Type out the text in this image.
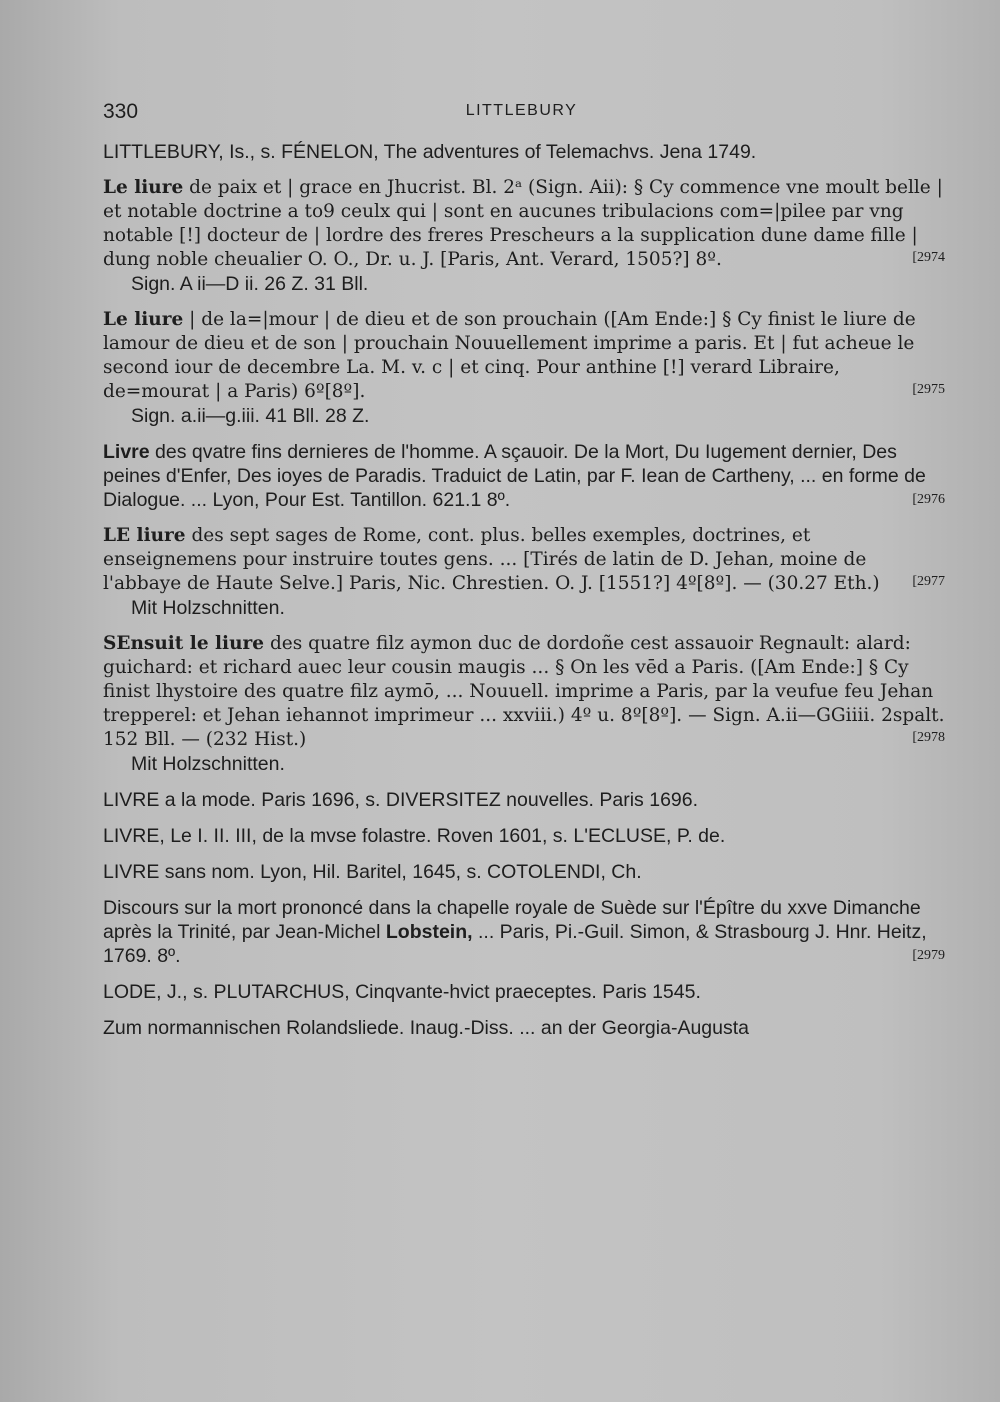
330	LITTLEBURY

LITTLEBURY, Is., s. FÉNELON, The adventures of Telemachvs. Jena 1749.

Le liure de paix et | grace en Jhucrist. Bl. 2ᵃ (Sign. Aii): § Cy commence vne moult belle | et notable doctrine a to9 ceulx qui | sont en aucunes tribulacions com=|pilee par vng notable [!] docteur de | lordre des freres Prescheurs a la supplication dune dame fille | dung noble cheualier O. O., Dr. u. J. [Paris, Ant. Verard, 1505?] 8º.

Sign. A ii—D ii. 26 Z. 31 Bll.

[2974

Le liure | de la=|mour | de dieu et de son prouchain ([Am Ende:] § Cy finist le liure de lamour de dieu et de son | prouchain Nouuellement imprime a paris. Et | fut acheue le second iour de decembre La. M. v. c | et cinq. Pour anthine [!] verard Libraire, de=mourat | a Paris) 6º[8º].

Sign. a.ii—g.iii. 41 Bll. 28 Z.

[2975

Livre des qvatre fins dernieres de l'homme. A sçauoir. De la Mort, Du Iugement dernier, Des peines d'Enfer, Des ioyes de Paradis. Traduict de Latin, par F. Iean de Cartheny, ... en forme de Dialogue. ... Lyon, Pour Est. Tantillon. 621.1 8º.	[2976

LE liure des sept sages de Rome, cont. plus. belles exemples, doctrines, et enseignemens pour instruire toutes gens. ... [Tirés de latin de D. Jehan, moine de l'abbaye de Haute Selve.] Paris, Nic. Chrestien. O. J. [1551?] 4º[8º]. — (30.27 Eth.)

Mit Holzschnitten.

[2977

SEnsuit le liure des quatre filz aymon duc de dordoñe cest assauoir Regnault: alard: guichard: et richard auec leur cousin maugis ... § On les vēd a Paris. ([Am Ende:] § Cy finist lhystoire des quatre filz aymō, ... Nouuell. imprime a Paris, par la veufue feu Jehan trepperel: et Jehan iehannot imprimeur ... xxviii.) 4º u. 8º[8º]. — Sign. A.ii—GGiiii. 2spalt. 152 Bll. — (232 Hist.)

Mit Holzschnitten.

[2978

LIVRE a la mode. Paris 1696, s. DIVERSITEZ nouvelles. Paris 1696.

LIVRE, Le I. II. III, de la mvse folastre. Roven 1601, s. L'ECLUSE, P. de.

LIVRE sans nom. Lyon, Hil. Baritel, 1645, s. COTOLENDI, Ch.

Discours sur la mort prononcé dans la chapelle royale de Suède sur l'Épître du xxve Dimanche après la Trinité, par Jean-Michel Lobstein, ... Paris, Pi.-Guil. Simon, & Strasbourg J. Hnr. Heitz, 1769. 8º.	[2979

LODE, J., s. PLUTARCHUS, Cinqvante-hvict praeceptes. Paris 1545.

Zum normannischen Rolandsliede. Inaug.-Diss. ... an der Georgia-Augusta
